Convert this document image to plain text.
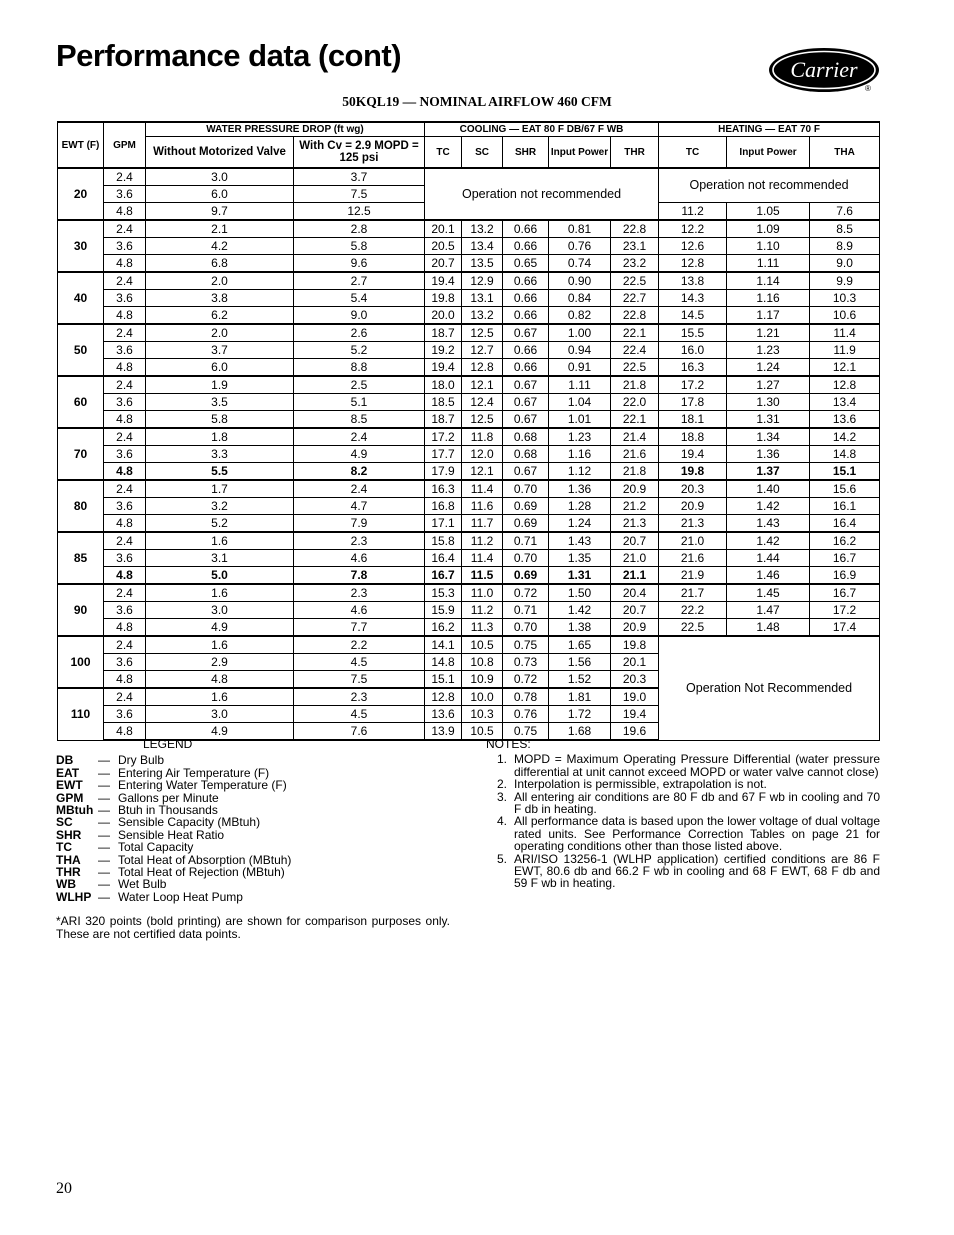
Performance data (cont)	Carrier
®
50KQL19 — NOMINAL AIRFLOW 460 CFM
EWT (F)	GPM	WATER PRESSURE DROP (ft wg)		COOLING — EAT 80 F DB/67 F WB					HEATING — EAT 70 F		
		Without Motorized Valve	With Cv = 2.9 MOPD = 125 psi	TC	SC	SHR	Input Power	THR	TC	Input Power	THA
20	2.4	3.0	3.7	Operation not recommended					Operation not recommended		
	3.6	6.0	7.5								
	4.8	9.7	12.5						11.2	1.05	7.6
30	2.4	2.1	2.8	20.1	13.2	0.66	0.81	22.8	12.2	1.09	8.5
	3.6	4.2	5.8	20.5	13.4	0.66	0.76	23.1	12.6	1.10	8.9
	4.8	6.8	9.6	20.7	13.5	0.65	0.74	23.2	12.8	1.11	9.0
40	2.4	2.0	2.7	19.4	12.9	0.66	0.90	22.5	13.8	1.14	9.9
	3.6	3.8	5.4	19.8	13.1	0.66	0.84	22.7	14.3	1.16	10.3
	4.8	6.2	9.0	20.0	13.2	0.66	0.82	22.8	14.5	1.17	10.6
50	2.4	2.0	2.6	18.7	12.5	0.67	1.00	22.1	15.5	1.21	11.4
	3.6	3.7	5.2	19.2	12.7	0.66	0.94	22.4	16.0	1.23	11.9
	4.8	6.0	8.8	19.4	12.8	0.66	0.91	22.5	16.3	1.24	12.1
60	2.4	1.9	2.5	18.0	12.1	0.67	1.11	21.8	17.2	1.27	12.8
	3.6	3.5	5.1	18.5	12.4	0.67	1.04	22.0	17.8	1.30	13.4
	4.8	5.8	8.5	18.7	12.5	0.67	1.01	22.1	18.1	1.31	13.6
70	2.4	1.8	2.4	17.2	11.8	0.68	1.23	21.4	18.8	1.34	14.2
	3.6	3.3	4.9	17.7	12.0	0.68	1.16	21.6	19.4	1.36	14.8
	4.8	5.5	8.2	17.9	12.1	0.67	1.12	21.8	19.8	1.37	15.1
80	2.4	1.7	2.4	16.3	11.4	0.70	1.36	20.9	20.3	1.40	15.6
	3.6	3.2	4.7	16.8	11.6	0.69	1.28	21.2	20.9	1.42	16.1
	4.8	5.2	7.9	17.1	11.7	0.69	1.24	21.3	21.3	1.43	16.4
85	2.4	1.6	2.3	15.8	11.2	0.71	1.43	20.7	21.0	1.42	16.2
	3.6	3.1	4.6	16.4	11.4	0.70	1.35	21.0	21.6	1.44	16.7
	4.8	5.0	7.8	16.7	11.5	0.69	1.31	21.1	21.9	1.46	16.9
90	2.4	1.6	2.3	15.3	11.0	0.72	1.50	20.4	21.7	1.45	16.7
	3.6	3.0	4.6	15.9	11.2	0.71	1.42	20.7	22.2	1.47	17.2
	4.8	4.9	7.7	16.2	11.3	0.70	1.38	20.9	22.5	1.48	17.4
100	2.4	1.6	2.2	14.1	10.5	0.75	1.65	19.8	Operation Not Recommended		
	3.6	2.9	4.5	14.8	10.8	0.73	1.56	20.1			
	4.8	4.8	7.5	15.1	10.9	0.72	1.52	20.3			
110	2.4	1.6	2.3	12.8	10.0	0.78	1.81	19.0			
	3.6	3.0	4.5	13.6	10.3	0.76	1.72	19.4			
	4.8	4.9	7.6	13.9	10.5	0.75	1.68	19.6			
LEGEND
DB	— Dry Bulb
EAT	— Entering Air Temperature (F)
EWT	— Entering Water Temperature (F)
GPM	— Gallons per Minute
MBtuh — Btuh in Thousands
SC	— Sensible Capacity (MBtuh)
SHR	— Sensible Heat Ratio
TC	— Total Capacity
THA	— Total Heat of Absorption (MBtuh)
THR	— Total Heat of Rejection (MBtuh)
WB	— Wet Bulb
WLHP — Water Loop Heat Pump
*ARI 320 points (bold printing) are shown for comparison purposes only. These are not certified data points.
NOTES:
1. MOPD = Maximum Operating Pressure Differential (water pressure differential at unit cannot exceed MOPD or water valve cannot close)
2. Interpolation is permissible, extrapolation is not.
3. All entering air conditions are 80 F db and 67 F wb in cooling and 70 F db in heating.
4. All performance data is based upon the lower voltage of dual voltage rated units. See Performance Correction Tables on page 21 for operating conditions other than those listed above.
5. ARI/ISO 13256-1 (WLHP application) certified conditions are 86 F EWT, 80.6 db and 66.2 F wb in cooling and 68 F EWT, 68 F db and 59 F wb in heating.
20
